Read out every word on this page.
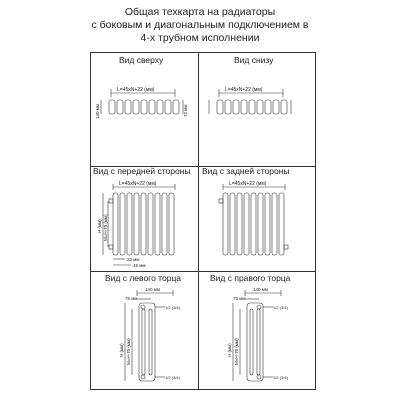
Общая техкарта на радиаторы
с боковым и диагональным подключением в
4-х трубном исполнении
Вид сверху	Вид снизу
Вид с передней стороны Вид с задней стороны
Вид с левого торца	Вид с правого торца
L=45xN+22 (мм)
140 мм	72 мм
L=45xN+22 (мм)
L=45xN+22 (мм)
H (мм) M=H-70 (мм)
22 мм
45 мм
L=45xN+22 (мм)
140 мм
75 мм
H (мм) M=H-70 (мм)
1/2 (3/4)
1/2 (3/4)
140 мм
75 мм
H (мм) M=H-70 (мм)
1/2 (3/4)
1/2 (3/4)
